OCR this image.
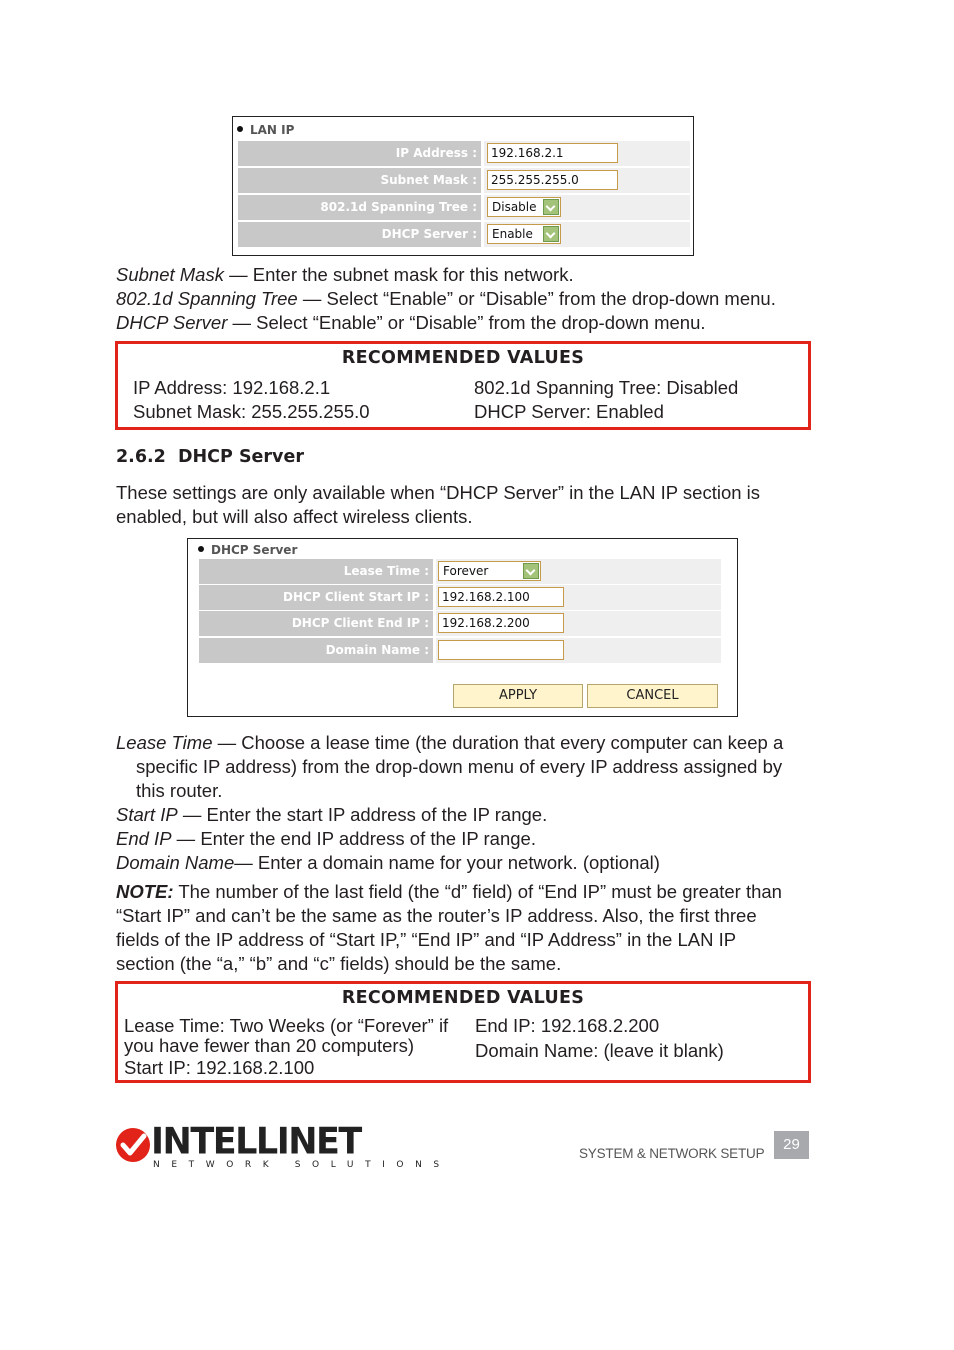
LAN IP
IP Address :	192.168.2.1
Subnet Mask :	255.255.255.0
802.1d Spanning Tree :	Disable
DHCP Server :	Enable
Subnet Mask — Enter the subnet mask for this network.
802.1d Spanning Tree — Select “Enable” or “Disable” from the drop-down menu.
DHCP Server — Select “Enable” or “Disable” from the drop-down menu.
RECOMMENDED VALUES
IP Address: 192.168.2.1
Subnet Mask: 255.255.255.0
802.1d Spanning Tree: Disabled
DHCP Server: Enabled
2.6.2  DHCP Server
These settings are only available when “DHCP Server” in the LAN IP section is
enabled, but will also affect wireless clients.
DHCP Server
Lease Time :	Forever
DHCP Client Start IP :	192.168.2.100
DHCP Client End IP :	192.168.2.200
Domain Name :
APPLY	CANCEL
Lease Time — Choose a lease time (the duration that every computer can keep a
specific IP address) from the drop-down menu of every IP address assigned by
this router.
Start IP — Enter the start IP address of the IP range.
End IP — Enter the end IP address of the IP range.
Domain Name— Enter a domain name for your network. (optional)
NOTE: The number of the last field (the “d” field) of “End IP” must be greater than
“Start IP” and can’t be the same as the router’s IP address. Also, the first three
fields of the IP address of “Start IP,” “End IP” and “IP Address” in the LAN IP
section (the “a,” “b” and “c” fields) should be the same.
RECOMMENDED VALUES
Lease Time: Two Weeks (or “Forever” if
you have fewer than 20 computers)
Start IP: 192.168.2.100
End IP: 192.168.2.200
Domain Name: (leave it blank)
INTELLINET
NETWORK SOLUTIONS
SYSTEM & NETWORK SETUP
29
